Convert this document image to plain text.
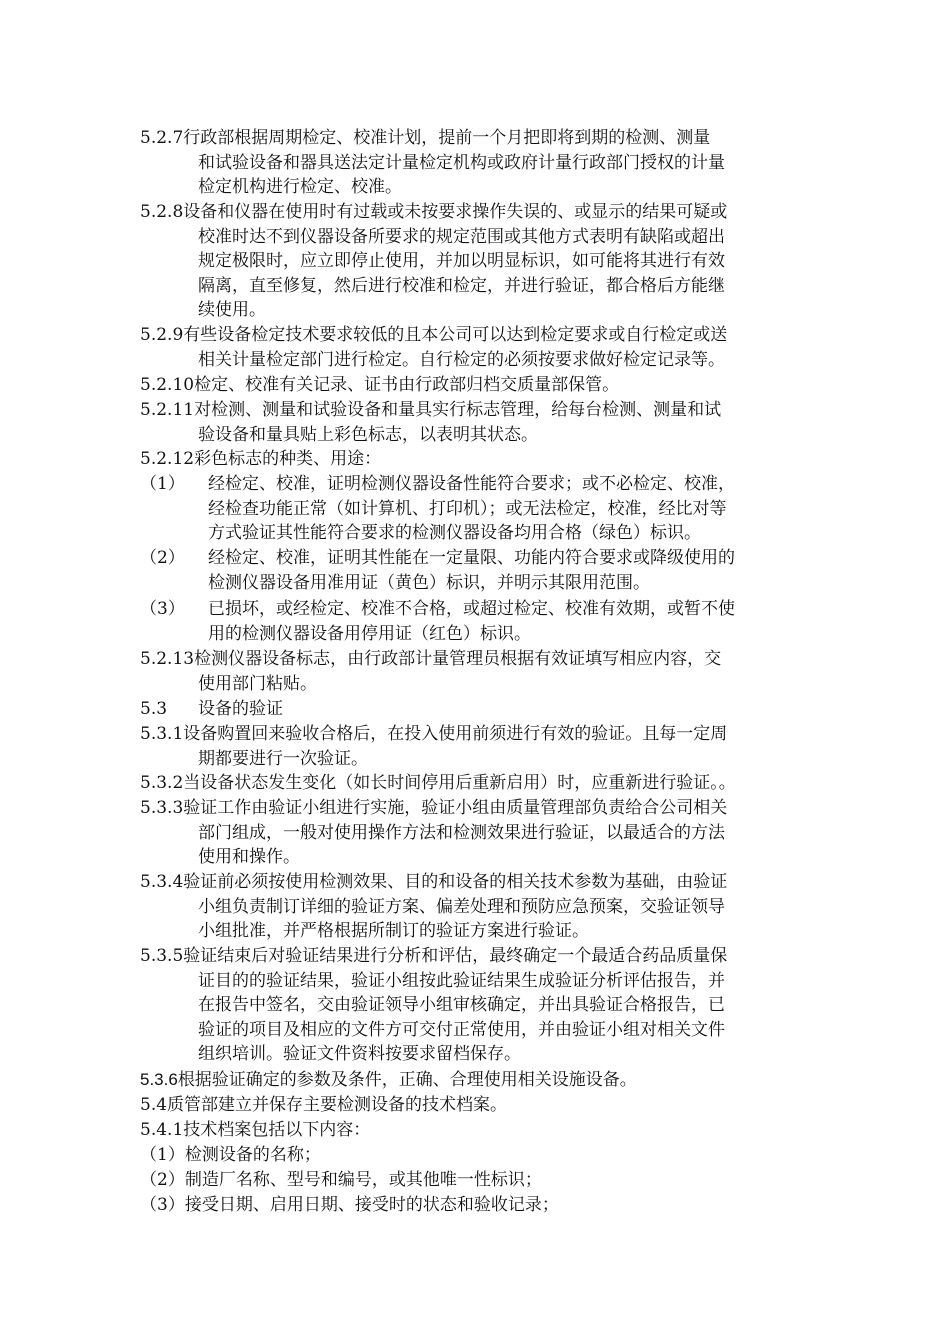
5.2.7行政部根据周期检定、校准计划，提前一个月把即将到期的检测、测量
和试验设备和器具送法定计量检定机构或政府计量行政部门授权的计量
检定机构进行检定、校准。
5.2.8设备和仪器在使用时有过载或未按要求操作失误的、或显示的结果可疑或
校准时达不到仪器设备所要求的规定范围或其他方式表明有缺陷或超出
规定极限时，应立即停止使用，并加以明显标识，如可能将其进行有效
隔离，直至修复，然后进行校准和检定，并进行验证，都合格后方能继
续使用。
5.2.9有些设备检定技术要求较低的且本公司可以达到检定要求或自行检定或送
相关计量检定部门进行检定。自行检定的必须按要求做好检定记录等。
5.2.10检定、校准有关记录、证书由行政部归档交质量部保管。
5.2.11对检测、测量和试验设备和量具实行标志管理，给每台检测、测量和试
验设备和量具贴上彩色标志，以表明其状态。
5.2.12彩色标志的种类、用途：
（1） 经检定、校准，证明检测仪器设备性能符合要求；或不必检定、校准，
经检查功能正常（如计算机、打印机）；或无法检定，校准，经比对等
方式验证其性能符合要求的检测仪器设备均用合格（绿色）标识。
（2） 经检定、校准，证明其性能在一定量限、功能内符合要求或降级使用的
检测仪器设备用准用证（黄色）标识，并明示其限用范围。
（3） 已损坏，或经检定、校准不合格，或超过检定、校准有效期，或暂不使
用的检测仪器设备用停用证（红色）标识。
5.2.13检测仪器设备标志，由行政部计量管理员根据有效证填写相应内容，交
使用部门粘贴。
5.3 设备的验证
5.3.1设备购置回来验收合格后，在投入使用前须进行有效的验证。且每一定周
期都要进行一次验证。
5.3.2当设备状态发生变化（如长时间停用后重新启用）时，应重新进行验证。。
5.3.3验证工作由验证小组进行实施，验证小组由质量管理部负责给合公司相关
部门组成，一般对使用操作方法和检测效果进行验证，以最适合的方法
使用和操作。
5.3.4验证前必须按使用检测效果、目的和设备的相关技术参数为基础，由验证
小组负责制订详细的验证方案、偏差处理和预防应急预案，交验证领导
小组批准，并严格根据所制订的验证方案进行验证。
5.3.5验证结束后对验证结果进行分析和评估，最终确定一个最适合药品质量保
证目的的验证结果，验证小组按此验证结果生成验证分析评估报告，并
在报告中签名，交由验证领导小组审核确定，并出具验证合格报告，已
验证的项目及相应的文件方可交付正常使用，并由验证小组对相关文件
组织培训。验证文件资料按要求留档保存。
5.3.6根据验证确定的参数及条件，正确、合理使用相关设施设备。
5.4质管部建立并保存主要检测设备的技术档案。
5.4.1技术档案包括以下内容：
（1）检测设备的名称；
（2）制造厂名称、型号和编号，或其他唯一性标识；
（3）接受日期、启用日期、接受时的状态和验收记录；
